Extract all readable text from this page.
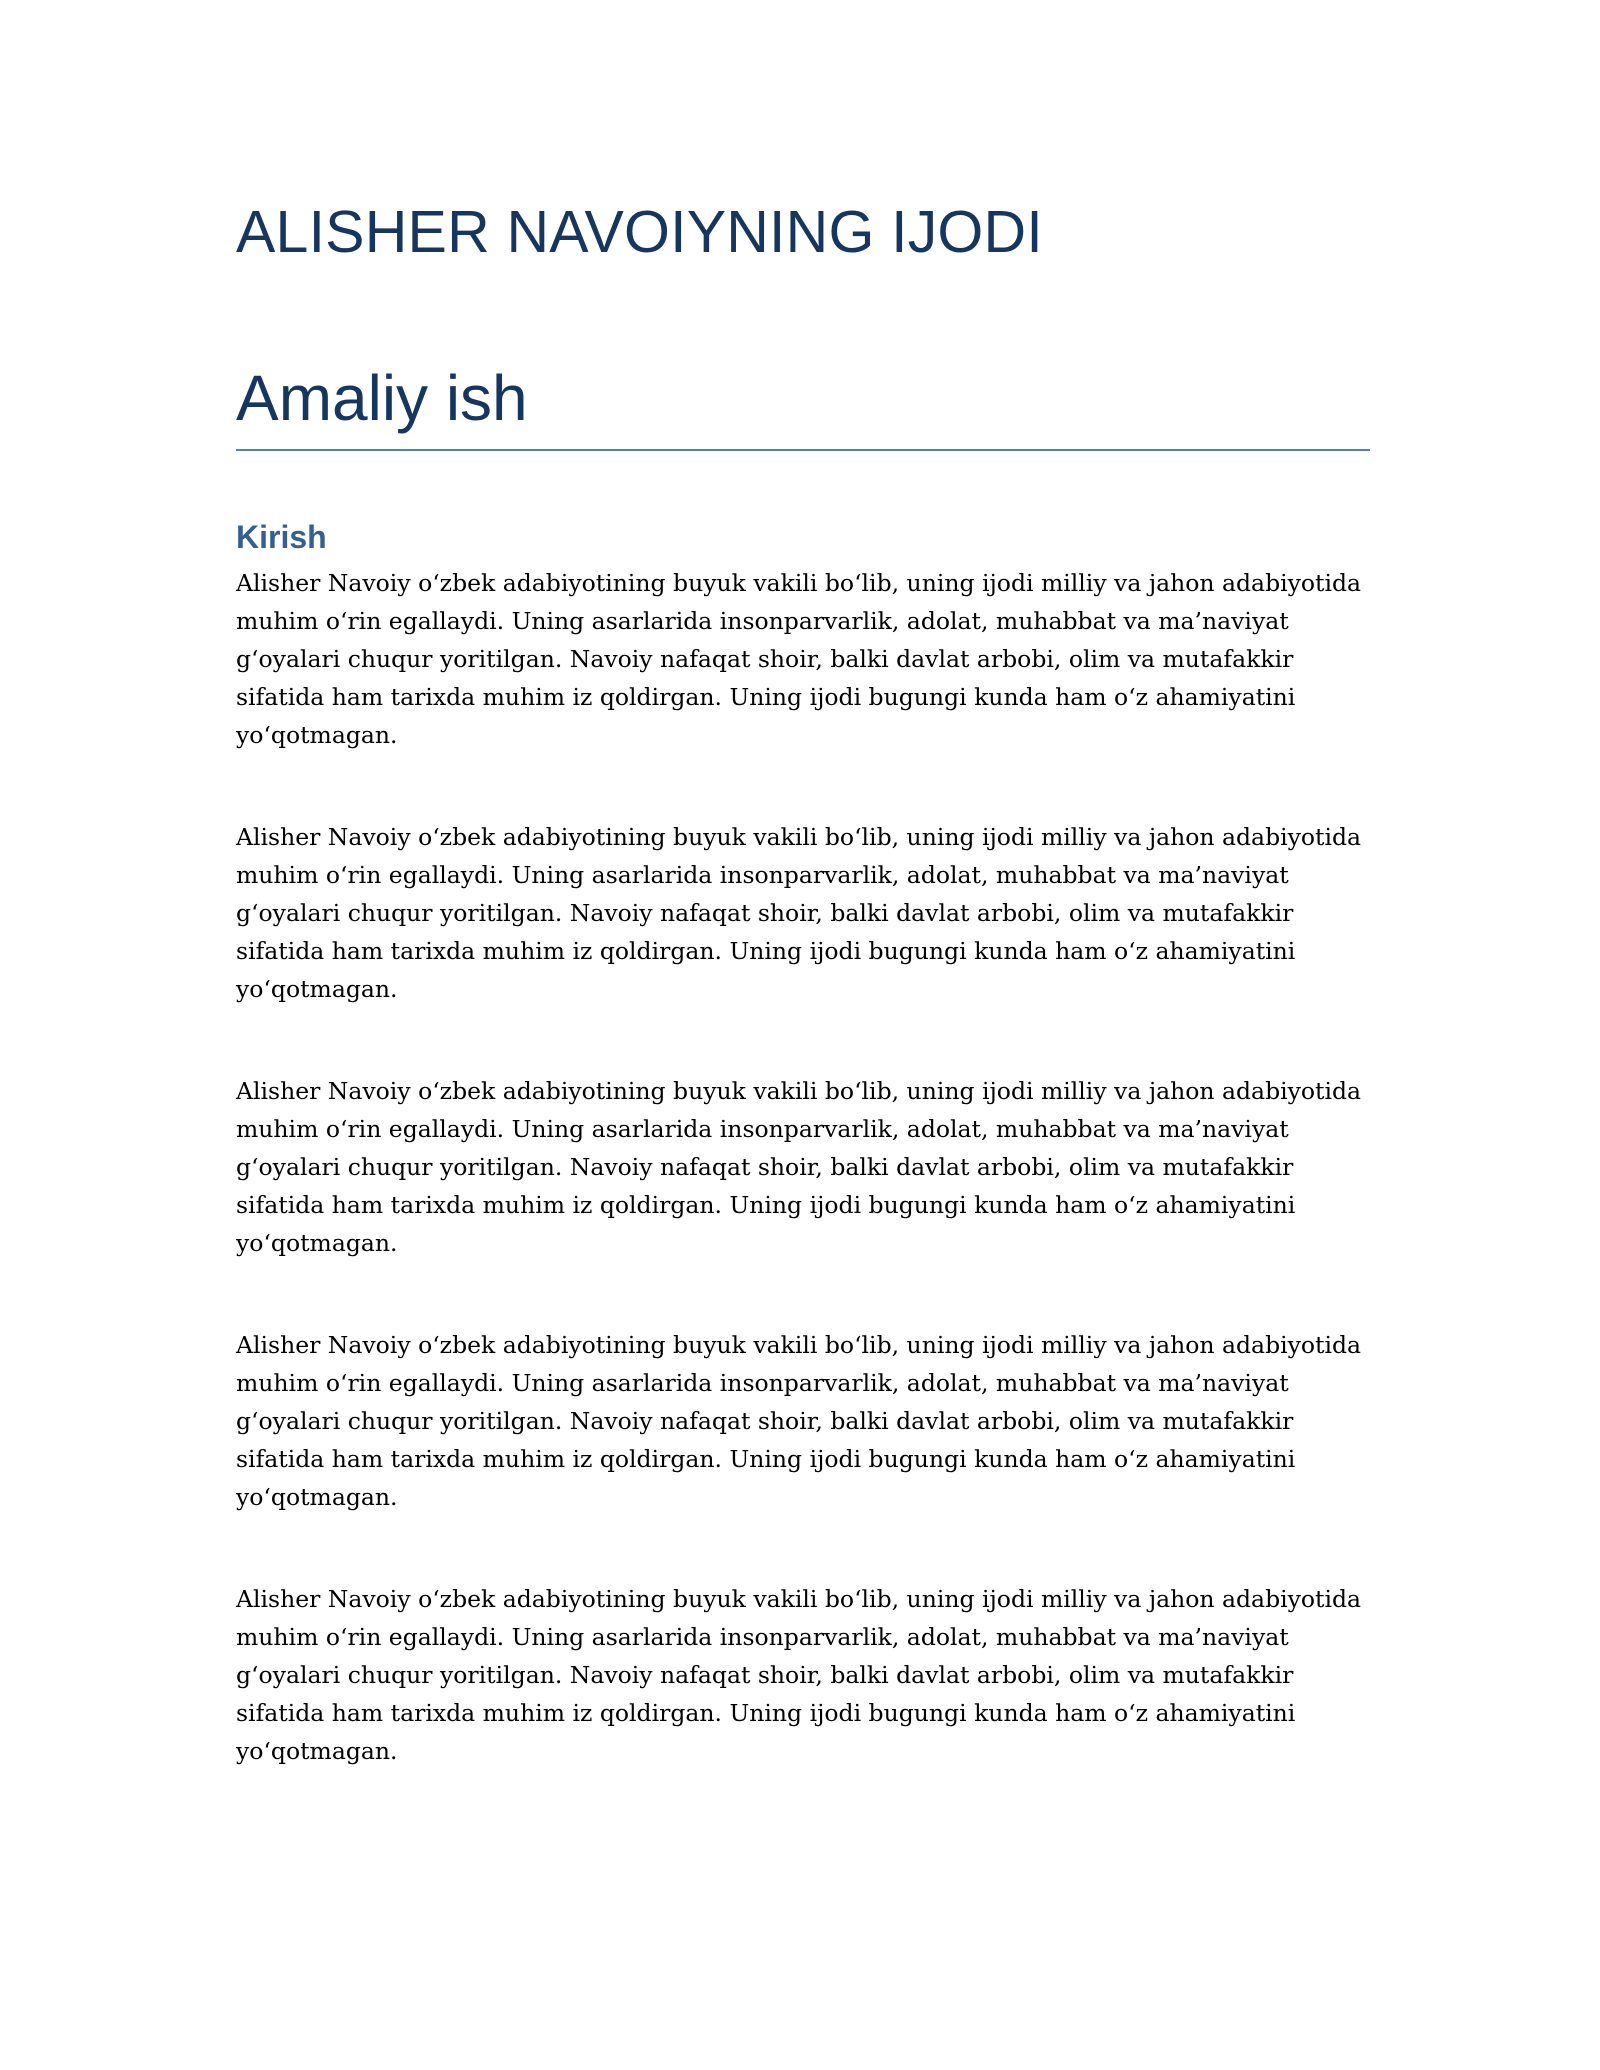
ALISHER NAVOIYNING IJODI
Amaliy ish
Kirish

Alisher Navoiy o‘zbek adabiyotining buyuk vakili bo‘lib, uning ijodi milliy va jahon adabiyotida muhim o‘rin egallaydi. Uning asarlarida insonparvarlik, adolat, muhabbat va ma’naviyat g‘oyalari chuqur yoritilgan. Navoiy nafaqat shoir, balki davlat arbobi, olim va mutafakkir sifatida ham tarixda muhim iz qoldirgan. Uning ijodi bugungi kunda ham o‘z ahamiyatini yo‘qotmagan.

Alisher Navoiy o‘zbek adabiyotining buyuk vakili bo‘lib, uning ijodi milliy va jahon adabiyotida muhim o‘rin egallaydi. Uning asarlarida insonparvarlik, adolat, muhabbat va ma’naviyat g‘oyalari chuqur yoritilgan. Navoiy nafaqat shoir, balki davlat arbobi, olim va mutafakkir sifatida ham tarixda muhim iz qoldirgan. Uning ijodi bugungi kunda ham o‘z ahamiyatini yo‘qotmagan.

Alisher Navoiy o‘zbek adabiyotining buyuk vakili bo‘lib, uning ijodi milliy va jahon adabiyotida muhim o‘rin egallaydi. Uning asarlarida insonparvarlik, adolat, muhabbat va ma’naviyat g‘oyalari chuqur yoritilgan. Navoiy nafaqat shoir, balki davlat arbobi, olim va mutafakkir sifatida ham tarixda muhim iz qoldirgan. Uning ijodi bugungi kunda ham o‘z ahamiyatini yo‘qotmagan.

Alisher Navoiy o‘zbek adabiyotining buyuk vakili bo‘lib, uning ijodi milliy va jahon adabiyotida muhim o‘rin egallaydi. Uning asarlarida insonparvarlik, adolat, muhabbat va ma’naviyat g‘oyalari chuqur yoritilgan. Navoiy nafaqat shoir, balki davlat arbobi, olim va mutafakkir sifatida ham tarixda muhim iz qoldirgan. Uning ijodi bugungi kunda ham o‘z ahamiyatini yo‘qotmagan.

Alisher Navoiy o‘zbek adabiyotining buyuk vakili bo‘lib, uning ijodi milliy va jahon adabiyotida muhim o‘rin egallaydi. Uning asarlarida insonparvarlik, adolat, muhabbat va ma’naviyat g‘oyalari chuqur yoritilgan. Navoiy nafaqat shoir, balki davlat arbobi, olim va mutafakkir sifatida ham tarixda muhim iz qoldirgan. Uning ijodi bugungi kunda ham o‘z ahamiyatini yo‘qotmagan.
